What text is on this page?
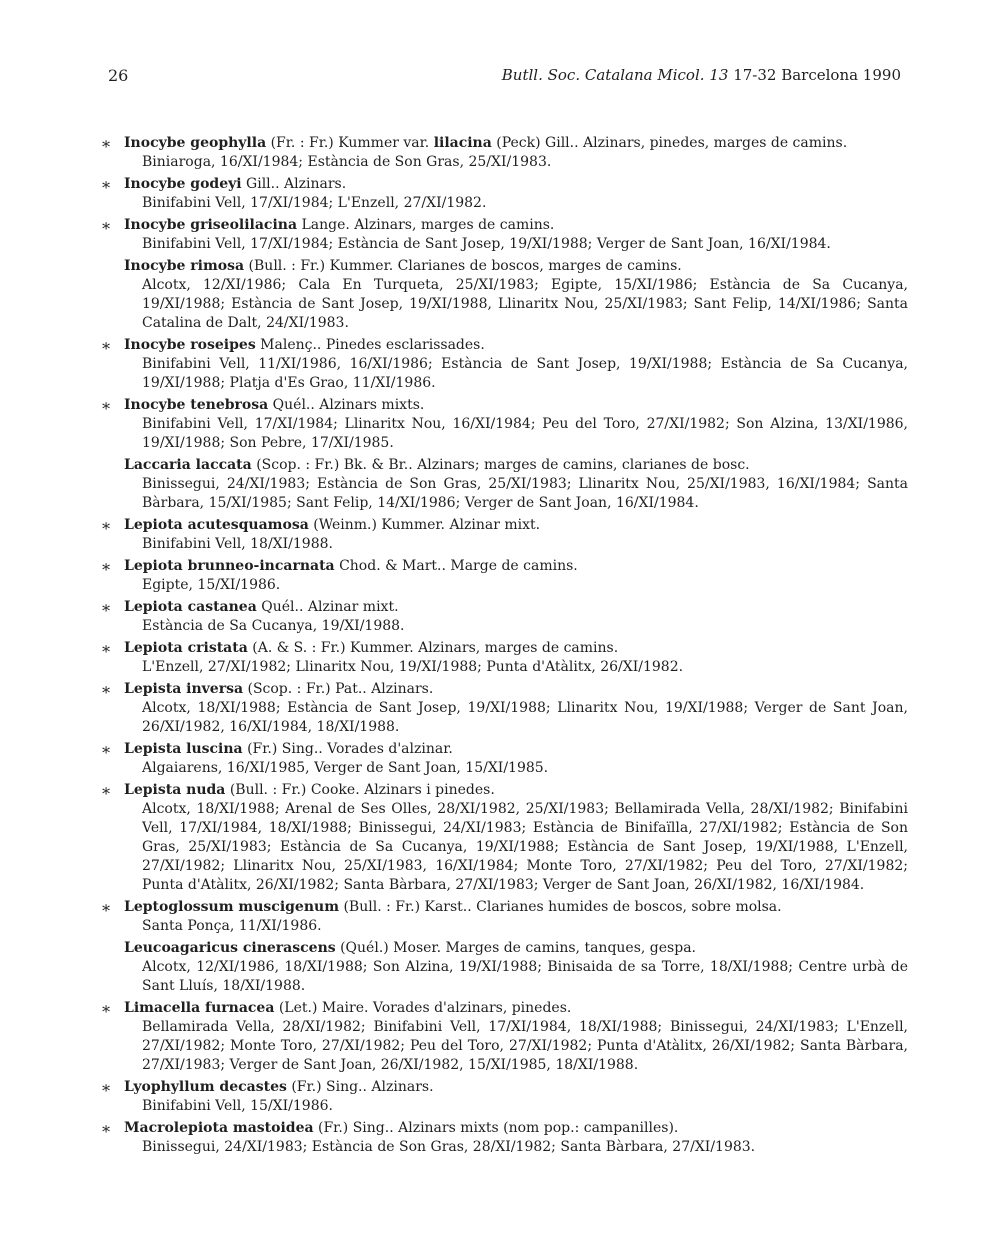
26	Butll. Soc. Catalana Micol. 13 17-32 Barcelona 1990
∗ Inocybe geophylla (Fr. : Fr.) Kummer var. lilacina (Peck) Gill.. Alzinars, pinedes, marges de camins.
Biniaroga, 16/XI/1984; Estància de Son Gras, 25/XI/1983.
∗ Inocybe godeyi Gill.. Alzinars.
Binifabini Vell, 17/XI/1984; L'Enzell, 27/XI/1982.
∗ Inocybe griseolilacina Lange. Alzinars, marges de camins.
Binifabini Vell, 17/XI/1984; Estància de Sant Josep, 19/XI/1988; Verger de Sant Joan, 16/XI/1984.
Inocybe rimosa (Bull. : Fr.) Kummer. Clarianes de boscos, marges de camins.
Alcotx, 12/XI/1986; Cala En Turqueta, 25/XI/1983; Egipte, 15/XI/1986; Estància de Sa Cucanya, 19/XI/1988; Estància de Sant Josep, 19/XI/1988, Llinaritx Nou, 25/XI/1983; Sant Felip, 14/XI/1986; Santa Catalina de Dalt, 24/XI/1983.
∗ Inocybe roseipes Malenç.. Pinedes esclarissades.
Binifabini Vell, 11/XI/1986, 16/XI/1986; Estància de Sant Josep, 19/XI/1988; Estància de Sa Cucanya, 19/XI/1988; Platja d'Es Grao, 11/XI/1986.
∗ Inocybe tenebrosa Quél.. Alzinars mixts.
Binifabini Vell, 17/XI/1984; Llinaritx Nou, 16/XI/1984; Peu del Toro, 27/XI/1982; Son Alzina, 13/XI/1986, 19/XI/1988; Son Pebre, 17/XI/1985.
Laccaria laccata (Scop. : Fr.) Bk. & Br.. Alzinars; marges de camins, clarianes de bosc.
Binissegui, 24/XI/1983; Estància de Son Gras, 25/XI/1983; Llinaritx Nou, 25/XI/1983, 16/XI/1984; Santa Bàrbara, 15/XI/1985; Sant Felip, 14/XI/1986; Verger de Sant Joan, 16/XI/1984.
∗ Lepiota acutesquamosa (Weinm.) Kummer. Alzinar mixt.
Binifabini Vell, 18/XI/1988.
∗ Lepiota brunneo-incarnata Chod. & Mart.. Marge de camins.
Egipte, 15/XI/1986.
∗ Lepiota castanea Quél.. Alzinar mixt.
Estància de Sa Cucanya, 19/XI/1988.
∗ Lepiota cristata (A. & S. : Fr.) Kummer. Alzinars, marges de camins.
L'Enzell, 27/XI/1982; Llinaritx Nou, 19/XI/1988; Punta d'Atàlitx, 26/XI/1982.
∗ Lepista inversa (Scop. : Fr.) Pat.. Alzinars.
Alcotx, 18/XI/1988; Estància de Sant Josep, 19/XI/1988; Llinaritx Nou, 19/XI/1988; Verger de Sant Joan, 26/XI/1982, 16/XI/1984, 18/XI/1988.
∗ Lepista luscina (Fr.) Sing.. Vorades d'alzinar.
Algaiarens, 16/XI/1985, Verger de Sant Joan, 15/XI/1985.
∗ Lepista nuda (Bull. : Fr.) Cooke. Alzinars i pinedes.
Alcotx, 18/XI/1988; Arenal de Ses Olles, 28/XI/1982, 25/XI/1983; Bellamirada Vella, 28/XI/1982; Binifabini Vell, 17/XI/1984, 18/XI/1988; Binissegui, 24/XI/1983; Estància de Binifaïlla, 27/XI/1982; Estància de Son Gras, 25/XI/1983; Estància de Sa Cucanya, 19/XI/1988; Estància de Sant Josep, 19/XI/1988, L'Enzell, 27/XI/1982; Llinaritx Nou, 25/XI/1983, 16/XI/1984; Monte Toro, 27/XI/1982; Peu del Toro, 27/XI/1982; Punta d'Atàlitx, 26/XI/1982; Santa Bàrbara, 27/XI/1983; Verger de Sant Joan, 26/XI/1982, 16/XI/1984.
∗ Leptoglossum muscigenum (Bull. : Fr.) Karst.. Clarianes humides de boscos, sobre molsa.
Santa Ponça, 11/XI/1986.
Leucoagaricus cinerascens (Quél.) Moser. Marges de camins, tanques, gespa.
Alcotx, 12/XI/1986, 18/XI/1988; Son Alzina, 19/XI/1988; Binisaida de sa Torre, 18/XI/1988; Centre urbà de Sant Lluís, 18/XI/1988.
∗ Limacella furnacea (Let.) Maire. Vorades d'alzinars, pinedes.
Bellamirada Vella, 28/XI/1982; Binifabini Vell, 17/XI/1984, 18/XI/1988; Binissegui, 24/XI/1983; L'Enzell, 27/XI/1982; Monte Toro, 27/XI/1982; Peu del Toro, 27/XI/1982; Punta d'Atàlitx, 26/XI/1982; Santa Bàrbara, 27/XI/1983; Verger de Sant Joan, 26/XI/1982, 15/XI/1985, 18/XI/1988.
∗ Lyophyllum decastes (Fr.) Sing.. Alzinars.
Binifabini Vell, 15/XI/1986.
∗ Macrolepiota mastoidea (Fr.) Sing.. Alzinars mixts (nom pop.: campanilles).
Binissegui, 24/XI/1983; Estància de Son Gras, 28/XI/1982; Santa Bàrbara, 27/XI/1983.
